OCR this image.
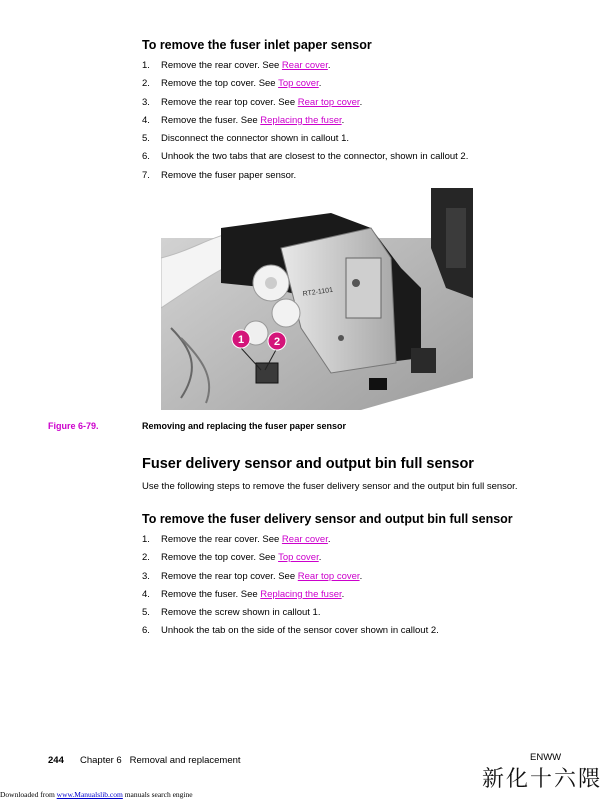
To remove the fuser inlet paper sensor
1.	Remove the rear cover. See Rear cover.
2.	Remove the top cover. See Top cover.
3.	Remove the rear top cover. See Rear top cover.
4.	Remove the fuser. See Replacing the fuser.
5.	Disconnect the connector shown in callout 1.
6.	Unhook the two tabs that are closest to the connector, shown in callout 2.
7.	Remove the fuser paper sensor.
RT2-1101
1	2
Figure 6-79.	Removing and replacing the fuser paper sensor
Fuser delivery sensor and output bin full sensor
Use the following steps to remove the fuser delivery sensor and the output bin full sensor.
To remove the fuser delivery sensor and output bin full sensor
1.	Remove the rear cover. See Rear cover.
2.	Remove the top cover. See Top cover.
3.	Remove the rear top cover. See Rear top cover.
4.	Remove the fuser. See Replacing the fuser.
5.	Remove the screw shown in callout 1.
6.	Unhook the tab on the side of the sensor cover shown in callout 2.
244 Chapter 6   Removal and replacement	ENWW
新化十六隈
Downloaded from www.Manualslib.com manuals search engine
